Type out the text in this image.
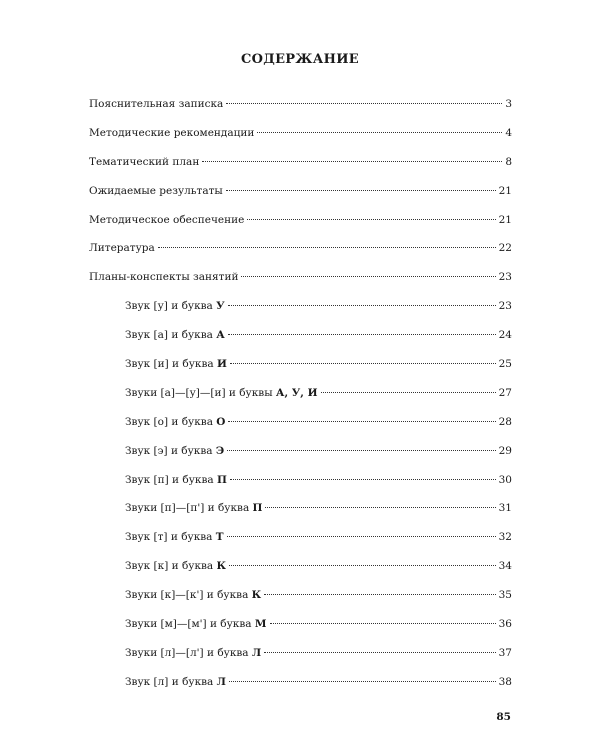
СОДЕРЖАНИЕ
Пояснительная записка	3
Методические рекомендации	4
Тематический план	8
Ожидаемые результаты	21
Методическое обеспечение	21
Литература	22
Планы-конспекты занятий	23
Звук [у] и буква У	23
Звук [а] и буква А	24
Звук [и] и буква И	25
Звуки [а]—[у]—[и] и буквы А, У, И	27
Звук [о] и буква О	28
Звук [э] и буква Э	29
Звук [п] и буква П	30
Звуки [п]—[п'] и буква П	31
Звук [т] и буква Т	32
Звук [к] и буква К	34
Звуки [к]—[к'] и буква К	35
Звуки [м]—[м'] и буква М	36
Звуки [л]—[л'] и буква Л	37
Звук [л] и буква Л	38
85
